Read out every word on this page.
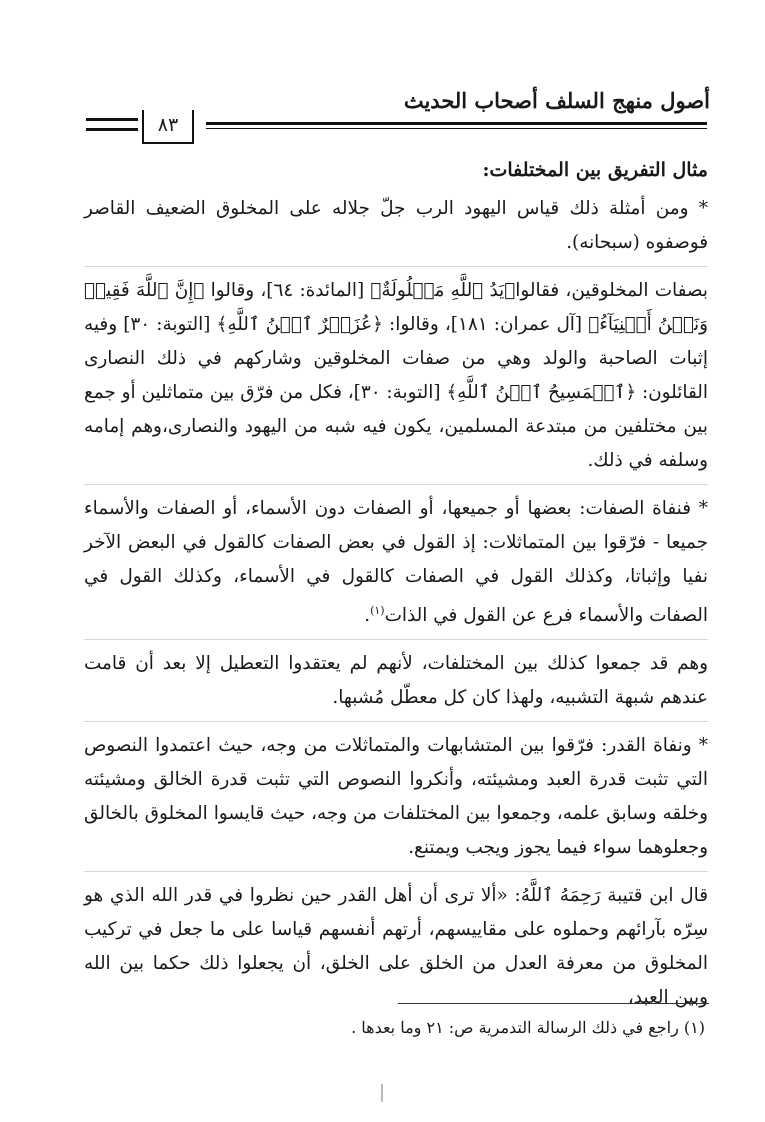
٨٣
أصول منهج السلف أصحاب الحديث
مثال التفريق بين المختلفات:

* ومن أمثلة ذلك قياس اليهود الرب جلّ جلاله على المخلوق الضعيف القاصر فوصفوه (سبحانه).

بصفات المخلوقين، فقالوا﴿يَدُ ٱللَّهِ مَغۡلُولَةٌ﴾ [المائدة: ٦٤]، وقالوا ﴿إِنَّ ٱللَّهَ فَقِيرٞ وَنَحۡنُ أَغۡنِيَآءُ﴾ [آل عمران: ١٨١]، وقالوا: ﴿عُزَيۡرٌ ٱبۡنُ ٱللَّهِ﴾ [التوبة: ٣٠] وفيه إثبات الصاحبة والولد وهي من صفات المخلوقين وشاركهم في ذلك النصارى القائلون: ﴿ٱلۡمَسِيحُ ٱبۡنُ ٱللَّهِ﴾ [التوبة: ٣٠]، فكل من فرّق بين متماثلين أو جمع بين مختلفين من مبتدعة المسلمين، يكون فيه شبه من اليهود والنصارى،وهم إمامه وسلفه في ذلك.

* فنفاة الصفات: بعضها أو جميعها، أو الصفات دون الأسماء، أو الصفات والأسماء جميعا - فرّقوا بين المتماثلات: إذ القول في بعض الصفات كالقول في البعض الآخر نفيا وإثباتا، وكذلك القول في الصفات كالقول في الأسماء، وكذلك القول في الصفات والأسماء فرع عن القول في الذات$^{(١)}$.

وهم قد جمعوا كذلك بين المختلفات، لأنهم لم يعتقدوا التعطيل إلا بعد أن قامت عندهم شبهة التشبيه، ولهذا كان كل معطّل مُشبها.

* ونفاة القدر: فرّقوا بين المتشابهات والمتماثلات من وجه، حيث اعتمدوا النصوص التي تثبت قدرة العبد ومشيئته، وأنكروا النصوص التي تثبت قدرة الخالق ومشيئته وخلقه وسابق علمه، وجمعوا بين المختلفات من وجه، حيث قايسوا المخلوق بالخالق وجعلوهما سواء فيما يجوز ويجب ويمتنع.

قال ابن قتيبة رَحِمَهُ ٱللَّهُ: «ألا ترى أن أهل القدر حين نظروا في قدر الله الذي هو سِرّه بآرائهم وحملوه على مقاييسهم، أرتهم أنفسهم قياسا على ما جعل في تركيب المخلوق من معرفة العدل من الخلق على الخلق، أن يجعلوا ذلك حكما بين الله وبين العبد،

(١) راجع في ذلك الرسالة التدمرية ص: ٢١ وما بعدها .
